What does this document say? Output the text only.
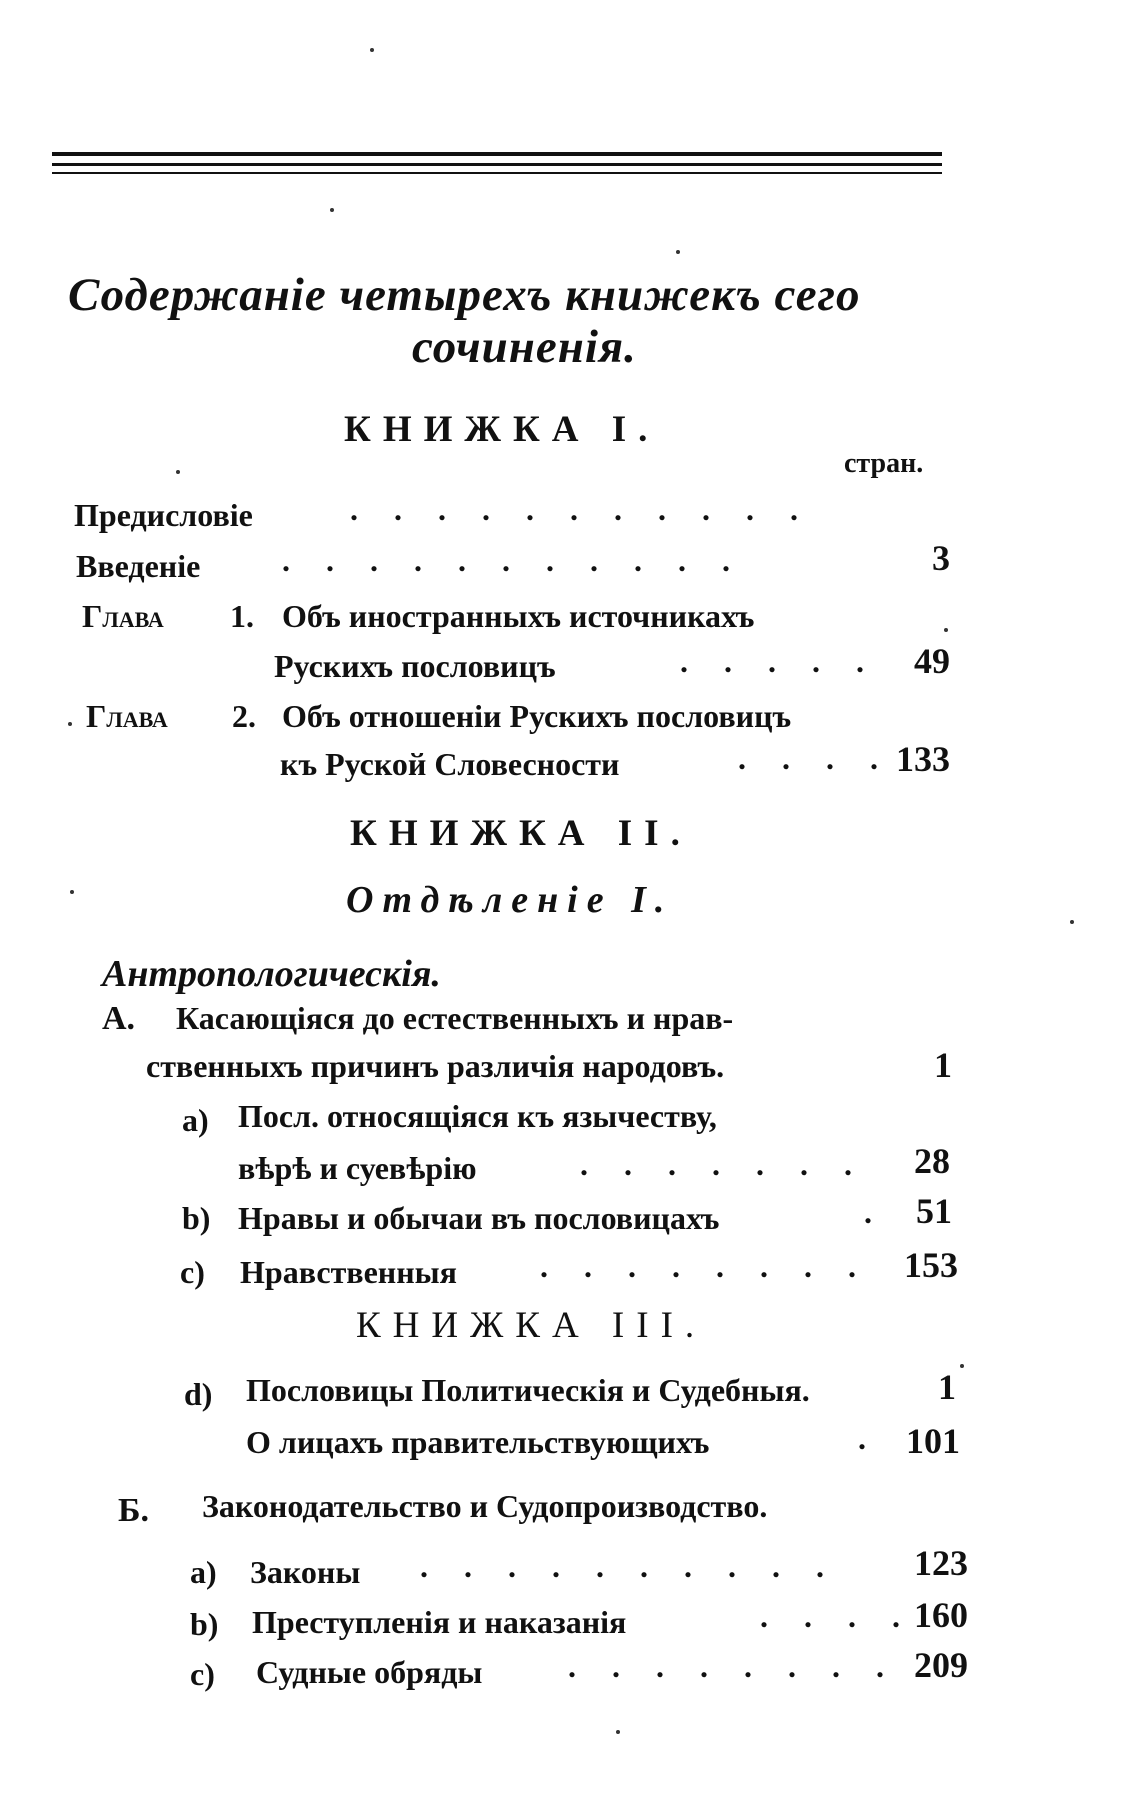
Содержаніе четырехъ книжекъ сего
сочиненія.
КНИЖКА I.
стран.
Предисловіе	. . . . . . . . . . .
Введеніе	. . . . . . . . . . .	3
Глава 1. Объ иностранныхъ источникахъ
Рускихъ пословицъ	. . . . .	49
Глава 2. Объ отношеніи Рускихъ пословицъ
къ Руской Словесности	. . . . 133
КНИЖКА II.
Отдѣленіе I.
Антропологическія.
А. Касающіяся до естественныхъ и нрав-
ственныхъ причинъ различія народовъ.	1
a) Посл. относящіяся къ язычеству,
вѣрѣ и суевѣрію	. . . . . . .	28
b) Нравы и обычаи въ пословицахъ	. 51
c) Нравственныя	. . . . . . . . 153
КНИЖКА III.
d) Пословицы Политическія и Судебныя.	1
О лицахъ правительствующихъ	. 101
Б. Законодательство и Судопроизводство.
a) Законы . . . . . . . . . .	123
b) Преступленія и наказанія	. . . . 160
c) Судные обряды	. . . . . . . . 209
